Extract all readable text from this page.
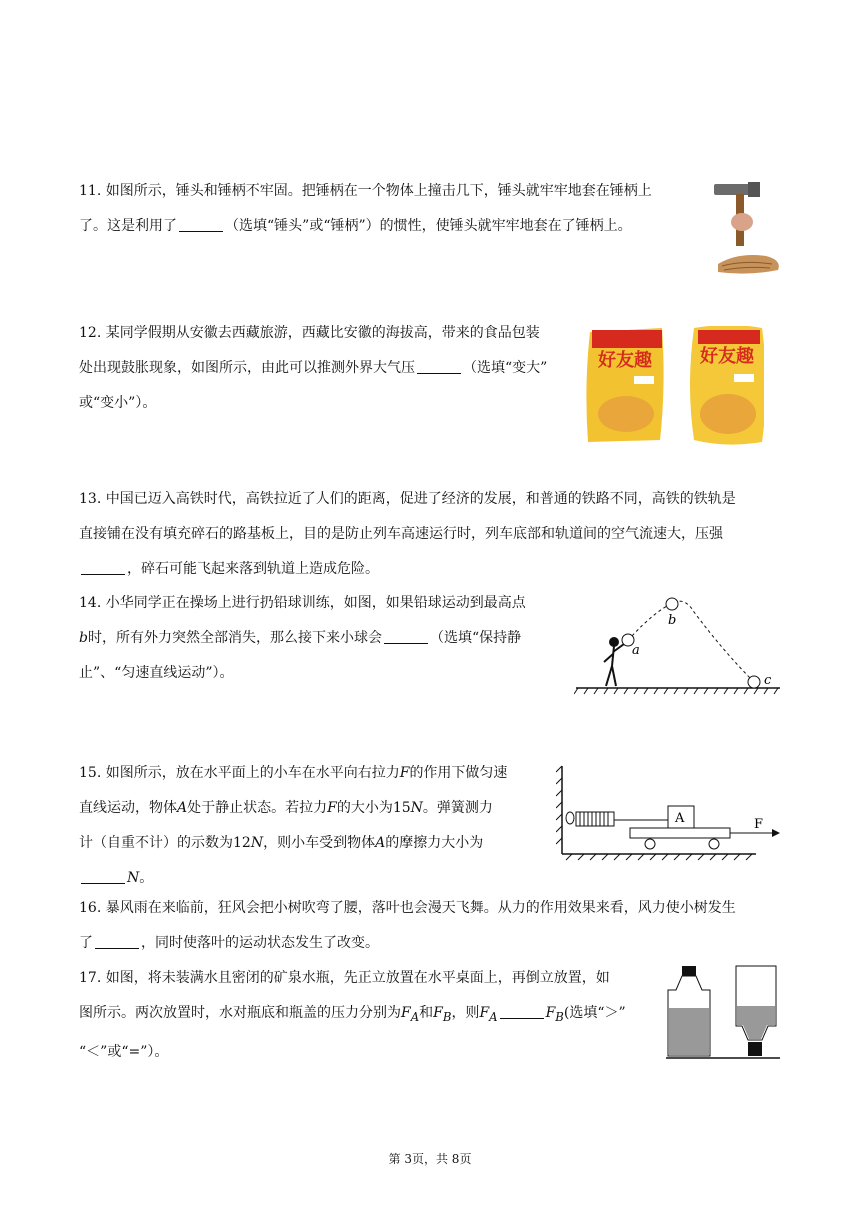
11. 如图所示，锤头和锤柄不牢固。把锤柄在一个物体上撞击几下，锤头就牢牢地套在锤柄上
了。这是利用了	（选填“锤头”或“锤柄”）的惯性，使锤头就牢牢地套在了锤柄上。
12. 某同学假期从安徽去西藏旅游，西藏比安徽的海拔高，带来的食品包装
处出现鼓胀现象，如图所示，由此可以推测外界大气压	（选填“变大”
或“变小”）。
好友趣	好友趣
13. 中国已迈入高铁时代，高铁拉近了人们的距离，促进了经济的发展，和普通的铁路不同，高铁的铁轨是
直接铺在没有填充碎石的路基板上，目的是防止列车高速运行时，列车底部和轨道间的空气流速大，压强
，碎石可能飞起来落到轨道上造成危险。
14. 小华同学正在操场上进行扔铅球训练，如图，如果铅球运动到最高点
b时，所有外力突然全部消失，那么接下来小球会	（选填“保持静
止”、“匀速直线运动”）。
a
b
c
15. 如图所示，放在水平面上的小车在水平向右拉力F的作用下做匀速
直线运动，物体A处于静止状态。若拉力F的大小为15N。弹簧测力
计（自重不计）的示数为12N，则小车受到物体A的摩擦力大小为
N。
A	F
16. 暴风雨在来临前，狂风会把小树吹弯了腰，落叶也会漫天飞舞。从力的作用效果来看，风力使小树发生
了	，同时使落叶的运动状态发生了改变。
17. 如图，将未装满水且密闭的矿泉水瓶，先正立放置在水平桌面上，再倒立放置，如
图所示。两次放置时，水对瓶底和瓶盖的压力分别为$F_A$和$F_B$，则$F_A$	$F_B$(选填“＞”
“＜”或“=”）。
第 3页，共 8页
